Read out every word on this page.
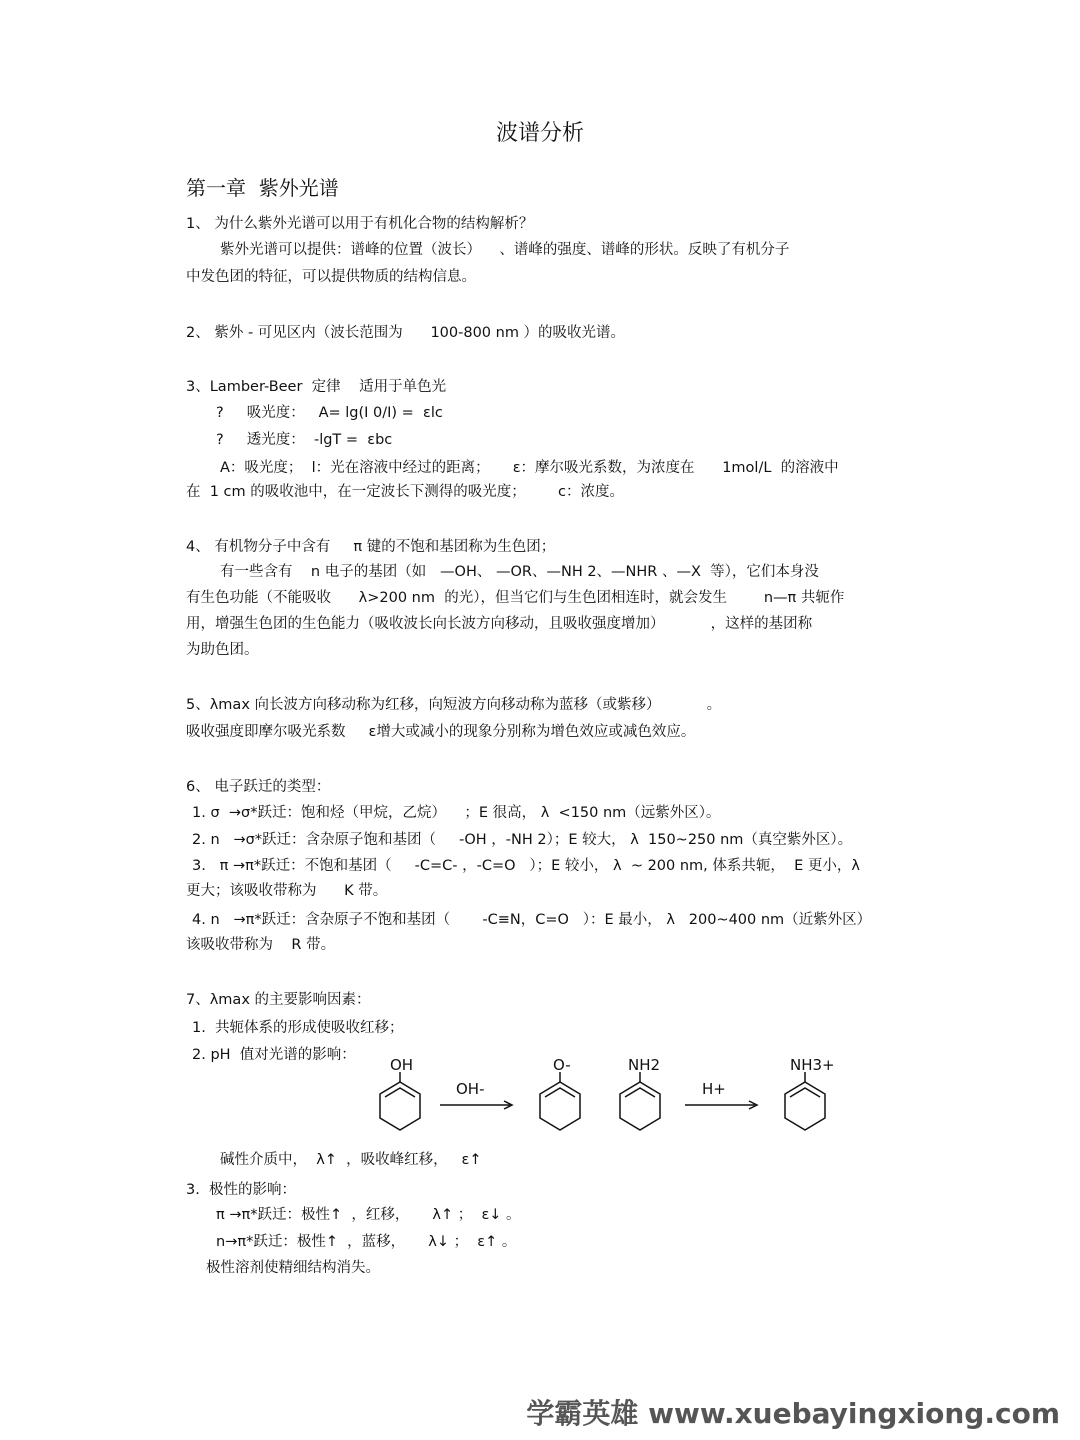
波谱分析
第一章 紫外光谱

1、 为什么紫外光谱可以用于有机化合物的结构解析？

紫外光谱可以提供：谱峰的位置（波长）    、谱峰的强度、谱峰的形状。反映了有机分子

中发色团的特征，可以提供物质的结构信息。

2、 紫外 - 可见区内（波长范围为      100-800 nm ）的吸收光谱。

3、Lamber-Beer  定律    适用于单色光

?     吸光度：   A= lg(I 0/I) =  εlc

?     透光度：  -lgT =  εbc

A：吸光度；  l：光在溶液中经过的距离；     ε：摩尔吸光系数，为浓度在      1mol/L  的溶液中

在  1 cm 的吸收池中，在一定波长下测得的吸光度；       c：浓度。

4、 有机物分子中含有     π 键的不饱和基团称为生色团；

有一些含有    n 电子的基团（如   —OH、 —OR、—NH 2、—NHR 、—X  等），它们本身没

有生色功能（不能吸收      λ>200 nm  的光），但当它们与生色团相连时，就会发生        n—π 共轭作

用，增强生色团的生色能力（吸收波长向长波方向移动，且吸收强度增加）          ，这样的基团称

为助色团。

5、λmax 向长波方向移动称为红移，向短波方向移动称为蓝移（或紫移）          。

吸收强度即摩尔吸光系数     ε增大或减小的现象分别称为增色效应或减色效应。

6、 电子跃迁的类型：

1. σ  →σ*跃迁：饱和烃（甲烷，乙烷）    ；E 很高， λ  <150 nm（远紫外区）。

2. n   →σ*跃迁：含杂原子饱和基团（     -OH ，-NH 2）；E 较大， λ  150~250 nm（真空紫外区）。

3.   π →π*跃迁：不饱和基团（     -C=C- ，-C=O   ）；E 较小， λ  ~ 200 nm, 体系共轭，  E 更小，λ

更大；该吸收带称为      K 带。

4. n   →π*跃迁：含杂原子不饱和基团（       -C≡N，C=O   ）：E 最小， λ   200~400 nm（近紫外区）

该吸收带称为    R 带。

7、λmax 的主要影响因素：

1.  共轭体系的形成使吸收红移；

2. pH  值对光谱的影响：

OH
OH-
O-	NH2
H+
NH3+

碱性介质中，  λ↑  ，吸收峰红移，   ε↑

3.  极性的影响：

π →π*跃迁：极性↑  ，红移，     λ↑ ；  ε↓ 。

n→π*跃迁：极性↑  ，蓝移，     λ↓ ；  ε↑ 。

极性溶剂使精细结构消失。

学霸英雄 www.xuebayingxiong.com
